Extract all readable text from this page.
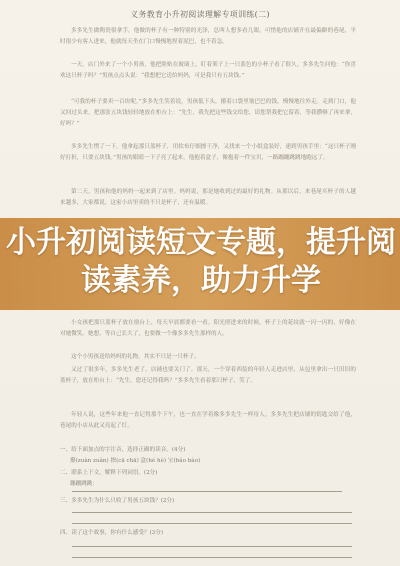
义务教育小升初阅读理解专项训练(二)

多多先生做陶瓷很拿手，他做的杯子有一种特别的光泽，总叫人想多看几眼。可惜他的店铺开在最偏僻的巷尾，平时很少有客人进来，他就每天坐在门口慢慢地捏着泥巴，也不着急。

一天，店门外来了一个小男孩，他把脸贴在玻璃上，盯着架子上一只蓝色的小杯子看了很久。多多先生问他：“你喜欢这只杯子吗？”男孩点点头说：“我想把它送给妈妈，可是我只有五块钱。”

“可我的杯子要卖一百块呢。”多多先生笑着说。男孩低下头，攥着口袋里皱巴巴的钱，慢慢地往外走。走到门口，他又回过头来，把那张五块钱轻轻地放在柜台上：“先生，我先把这些钱交给您，请您帮我把它留着，等我攒够了再来拿，好吗？”

多多先生愣了一下。他拿起那只蓝杯子，用软布仔细擦干净，又找来一个小纸盒装好，递到男孩手里：“这只杯子刚好打折，只要五块钱。”男孩的眼睛一下子亮了起来，他抱着盒子，像抱着一件宝贝，一路蹦蹦跳跳地跑远了。

第二天，男孩和他的妈妈一起来到了店里。妈妈说，那是她收到过的最好的礼物。从那以后，来巷尾买杯子的人越来越多，大家都说，这家小店里卖的不只是杯子，还有温暖。

小升初阅读短文专题，提升阅读素养，助力升学

小女孩把那只蓝杯子放在窗台上，每天早晨都要看一看。阳光照进来的时候，杯子上的花纹就一闪一闪的，好像在对她微笑。她想，等自己长大了，也要做一个像多多先生那样的人。

这个小男孩送给妈妈的礼物，其实不只是一只杯子。

又过了很多年，多多先生老了，店铺也要关门了。那天，一个穿着西装的年轻人走进店里，从包里拿出一只旧旧的蓝杯子，放在柜台上：“先生，您还记得我吗？”多多先生看着那只杯子，笑了。

年轻人说，这些年来他一直记得那个下午，也一直在学着像多多先生一样待人。多多先生把店铺的钥匙交给了他，巷尾的小店从此又亮起了灯。

一、给下面加点的字注音，选择正确的读音。(4分)

攥(zuàn zuǎn) 擦(cā chā) 盒(hé hè) 宝(bǎo bào)

二、联系上下文，解释下列词语。(2分)

蹦蹦跳跳：

三、多多先生为什么只收了男孩五块钱？(2分)

四、读了这个故事，你有什么感受？(3分)
